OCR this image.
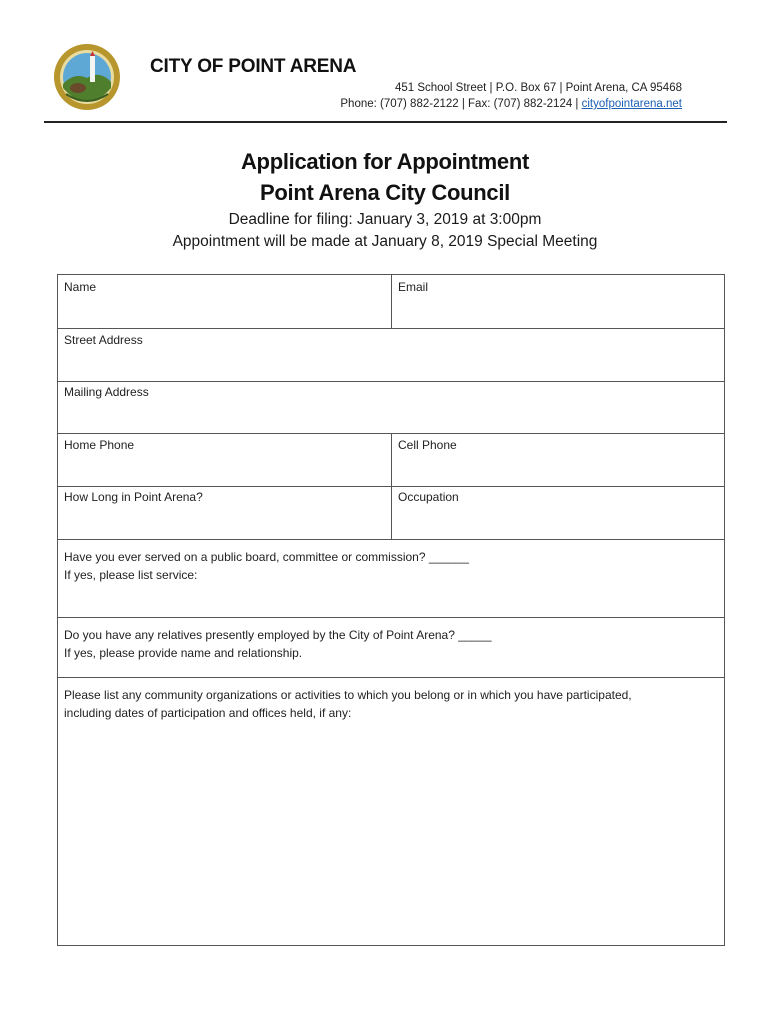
CITY OF POINT ARENA
451 School Street | P.O. Box 67 | Point Arena, CA 95468
Phone: (707) 882-2122 | Fax: (707) 882-2124 | cityofpointarena.net
Application for Appointment
Point Arena City Council
Deadline for filing: January 3, 2019 at 3:00pm
Appointment will be made at January 8, 2019 Special Meeting
Name	Email
Street Address
Mailing Address
Home Phone	Cell Phone
How Long in Point Arena?	Occupation
Have you ever served on a public board, committee or commission? ______
If yes, please list service:
Do you have any relatives presently employed by the City of Point Arena? _____
If yes, please provide name and relationship.
Please list any community organizations or activities to which you belong or in which you have participated,
including dates of participation and offices held, if any:
